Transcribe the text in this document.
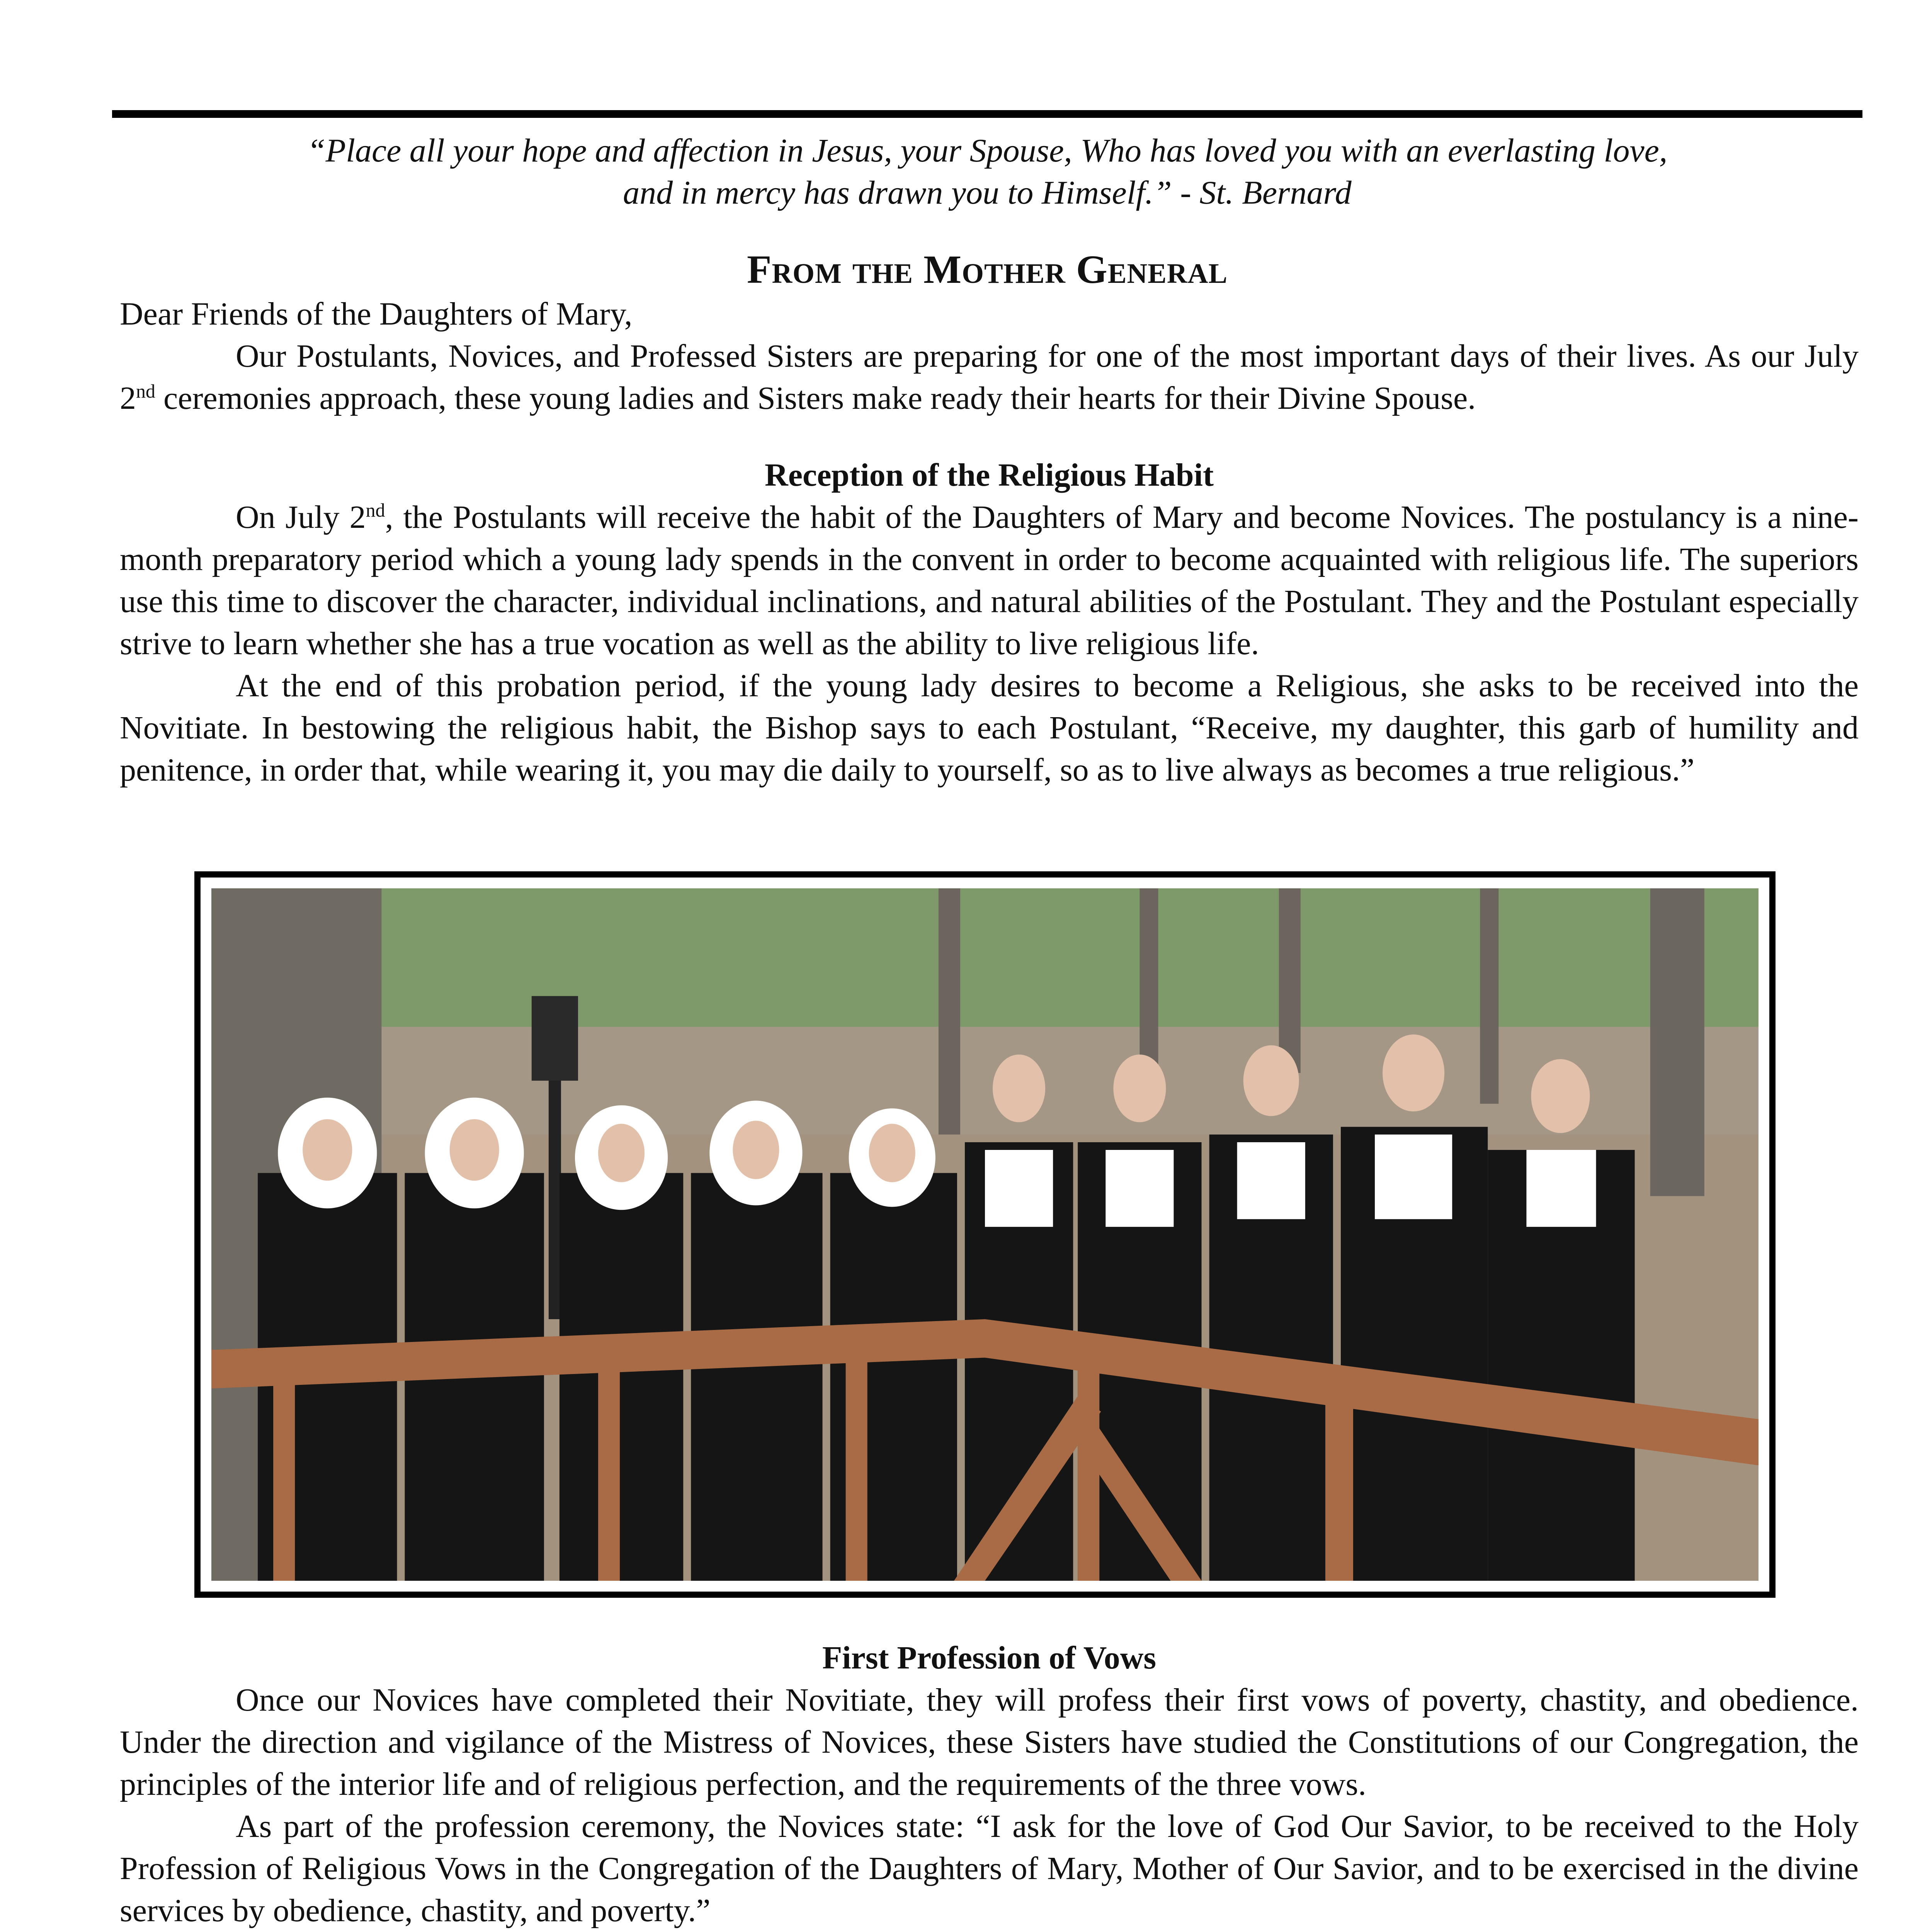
“Place all your hope and affection in Jesus, your Spouse, Who has loved you with an everlasting love,
and in mercy has drawn you to Himself.” - St. Bernard
From the Mother General

Dear Friends of the Daughters of Mary,

Our Postulants, Novices, and Professed Sisters are preparing for one of the most important days of their lives. As our July 2nd ceremonies approach, these young ladies and Sisters make ready their hearts for their Divine Spouse.

Reception of the Religious Habit

On July 2nd, the Postulants will receive the habit of the Daughters of Mary and become Novices. The postulancy is a nine-month preparatory period which a young lady spends in the convent in order to become acquainted with religious life. The superiors use this time to discover the character, individual inclinations, and natural abilities of the Postulant. They and the Postulant especially strive to learn whether she has a true vocation as well as the ability to live religious life.

At the end of this probation period, if the young lady desires to become a Religious, she asks to be received into the Novitiate. In bestowing the religious habit, the Bishop says to each Postulant, “Receive, my daughter, this garb of humility and penitence, in order that, while wearing it, you may die daily to yourself, so as to live always as becomes a true religious.”

First Profession of Vows

Once our Novices have completed their Novitiate, they will profess their first vows of poverty, chastity, and obedience. Under the direction and vigilance of the Mistress of Novices, these Sisters have studied the Constitutions of our Congregation, the principles of the interior life and of religious perfection, and the requirements of the three vows.

As part of the profession ceremony, the Novices state: “I ask for the love of God Our Savior, to be received to the Holy Profession of Religious Vows in the Congregation of the Daughters of Mary, Mother of Our Savior, and to be exercised in the divine services by obedience, chastity, and poverty.”
